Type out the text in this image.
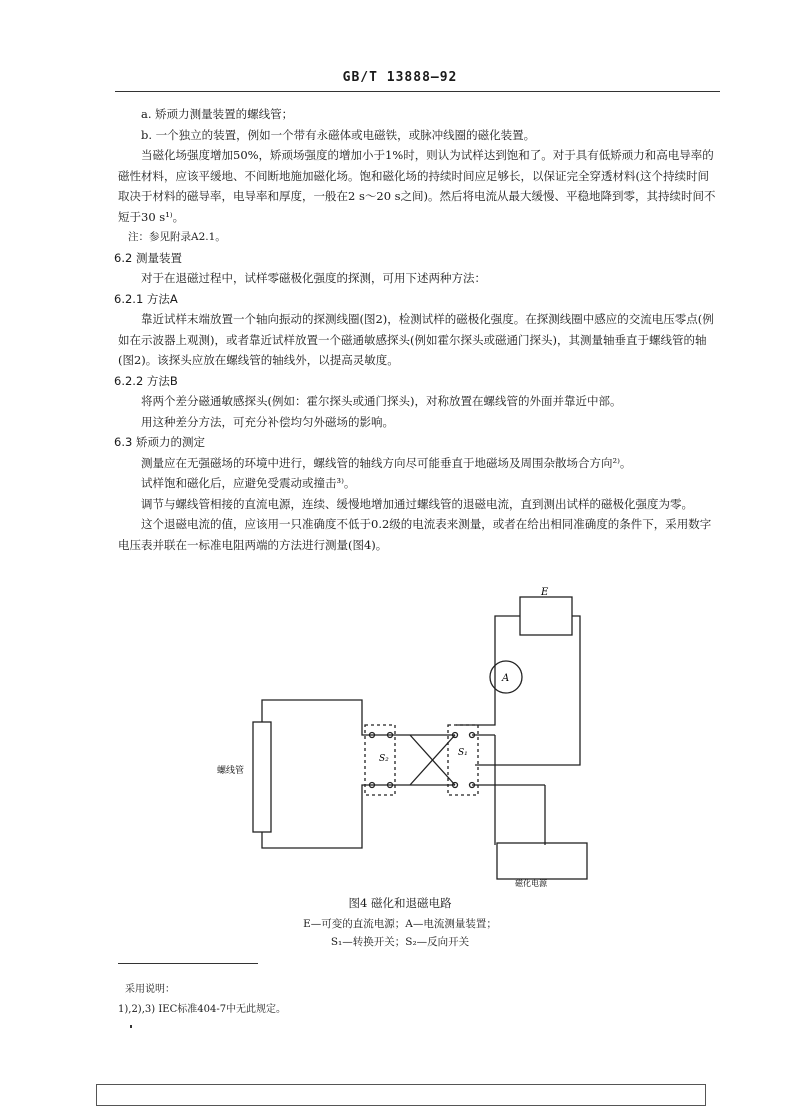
GB/T 13888—92

a. 矫顽力测量装置的螺线管；

b. 一个独立的装置，例如一个带有永磁体或电磁铁，或脉冲线圈的磁化装置。

当磁化场强度增加50%，矫顽场强度的增加小于1%时，则认为试样达到饱和了。对于具有低矫顽力和高电导率的磁性材料，应该平缓地、不间断地施加磁化场。饱和磁化场的持续时间应足够长，以保证完全穿透材料(这个持续时间取决于材料的磁导率，电导率和厚度，一般在2 s～20 s之间)。然后将电流从最大缓慢、平稳地降到零，其持续时间不短于30 s¹⁾。

注：参见附录A2.1。

6.2 测量装置

对于在退磁过程中，试样零磁极化强度的探测，可用下述两种方法：

6.2.1 方法A

靠近试样末端放置一个轴向振动的探测线圈(图2)，检测试样的磁极化强度。在探测线圈中感应的交流电压零点(例如在示波器上观测)，或者靠近试样放置一个磁通敏感探头(例如霍尔探头或磁通门探头)，其测量轴垂直于螺线管的轴(图2)。该探头应放在螺线管的轴线外，以提高灵敏度。

6.2.2 方法B

将两个差分磁通敏感探头(例如：霍尔探头或通门探头)，对称放置在螺线管的外面并靠近中部。

用这种差分方法，可充分补偿均匀外磁场的影响。

6.3 矫顽力的测定

测量应在无强磁场的环境中进行，螺线管的轴线方向尽可能垂直于地磁场及周围杂散场合方向²⁾。

试样饱和磁化后，应避免受震动或撞击³⁾。

调节与螺线管相接的直流电源，连续、缓慢地增加通过螺线管的退磁电流，直到测出试样的磁极化强度为零。

这个退磁电流的值，应该用一只准确度不低于0.2级的电流表来测量，或者在给出相同准确度的条件下，采用数字电压表并联在一标准电阻两端的方法进行测量(图4)。

E
A
螺线管
S₂
S₁
磁化电源
图4 磁化和退磁电路
E—可变的直流电源；A—电流测量装置；
S₁—转换开关；S₂—反向开关
采用说明：
1),2),3) IEC标准404-7中无此规定。
